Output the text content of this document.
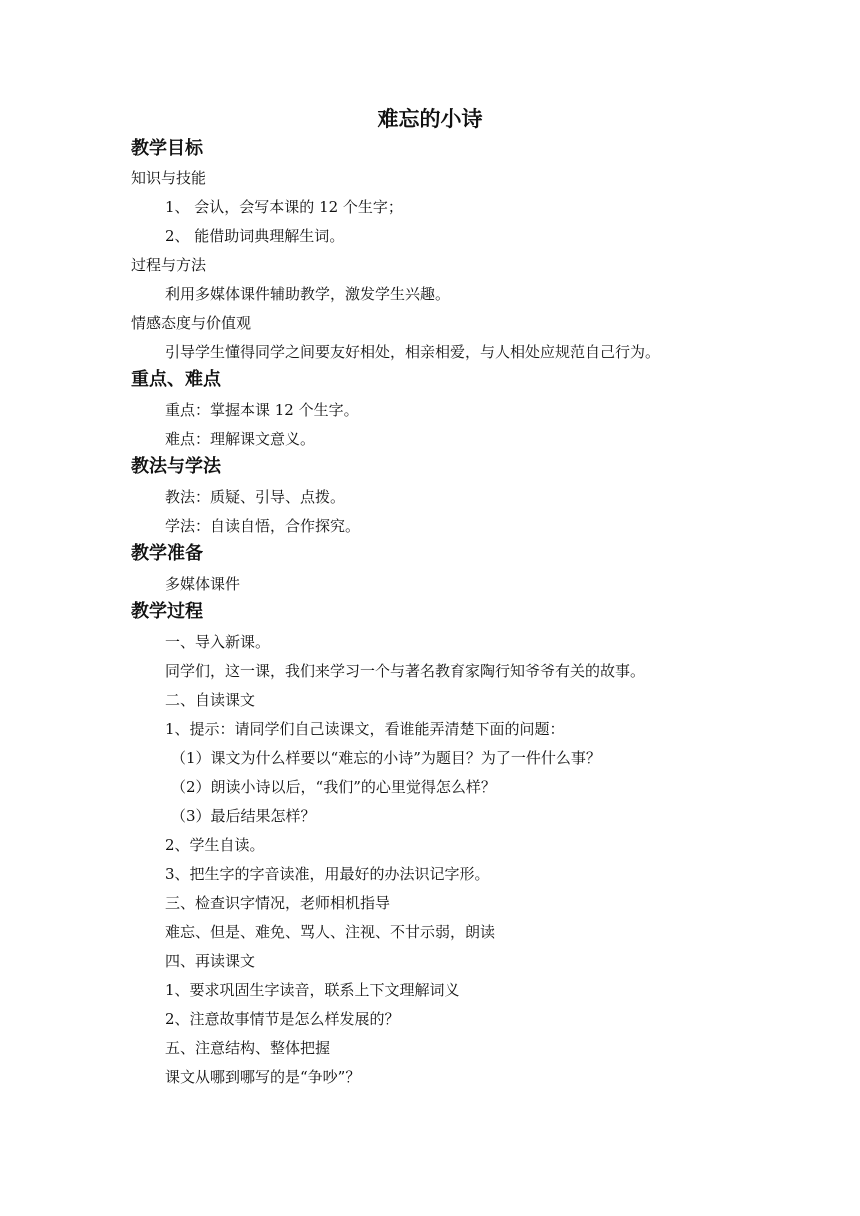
难忘的小诗
教学目标
知识与技能
1、 会认，会写本课的 12 个生字；
2、 能借助词典理解生词。
过程与方法
利用多媒体课件辅助教学，激发学生兴趣。
情感态度与价值观
引导学生懂得同学之间要友好相处，相亲相爱，与人相处应规范自己行为。
重点、难点
重点：掌握本课 12 个生字。
难点：理解课文意义。
教法与学法
教法：质疑、引导、点拨。
学法：自读自悟，合作探究。
教学准备
多媒体课件
教学过程
一、导入新课。
同学们，这一课，我们来学习一个与著名教育家陶行知爷爷有关的故事。
二、自读课文
1、提示：请同学们自己读课文，看谁能弄清楚下面的问题：
（1）课文为什么样要以“难忘的小诗”为题目？为了一件什么事？
（2）朗读小诗以后，“我们”的心里觉得怎么样？
（3）最后结果怎样？
2、学生自读。
3、把生字的字音读准，用最好的办法识记字形。
三、检查识字情况，老师相机指导
难忘、但是、难免、骂人、注视、不甘示弱，朗读
四、再读课文
1、要求巩固生字读音，联系上下文理解词义
2、注意故事情节是怎么样发展的？
五、注意结构、整体把握
课文从哪到哪写的是“争吵”？
